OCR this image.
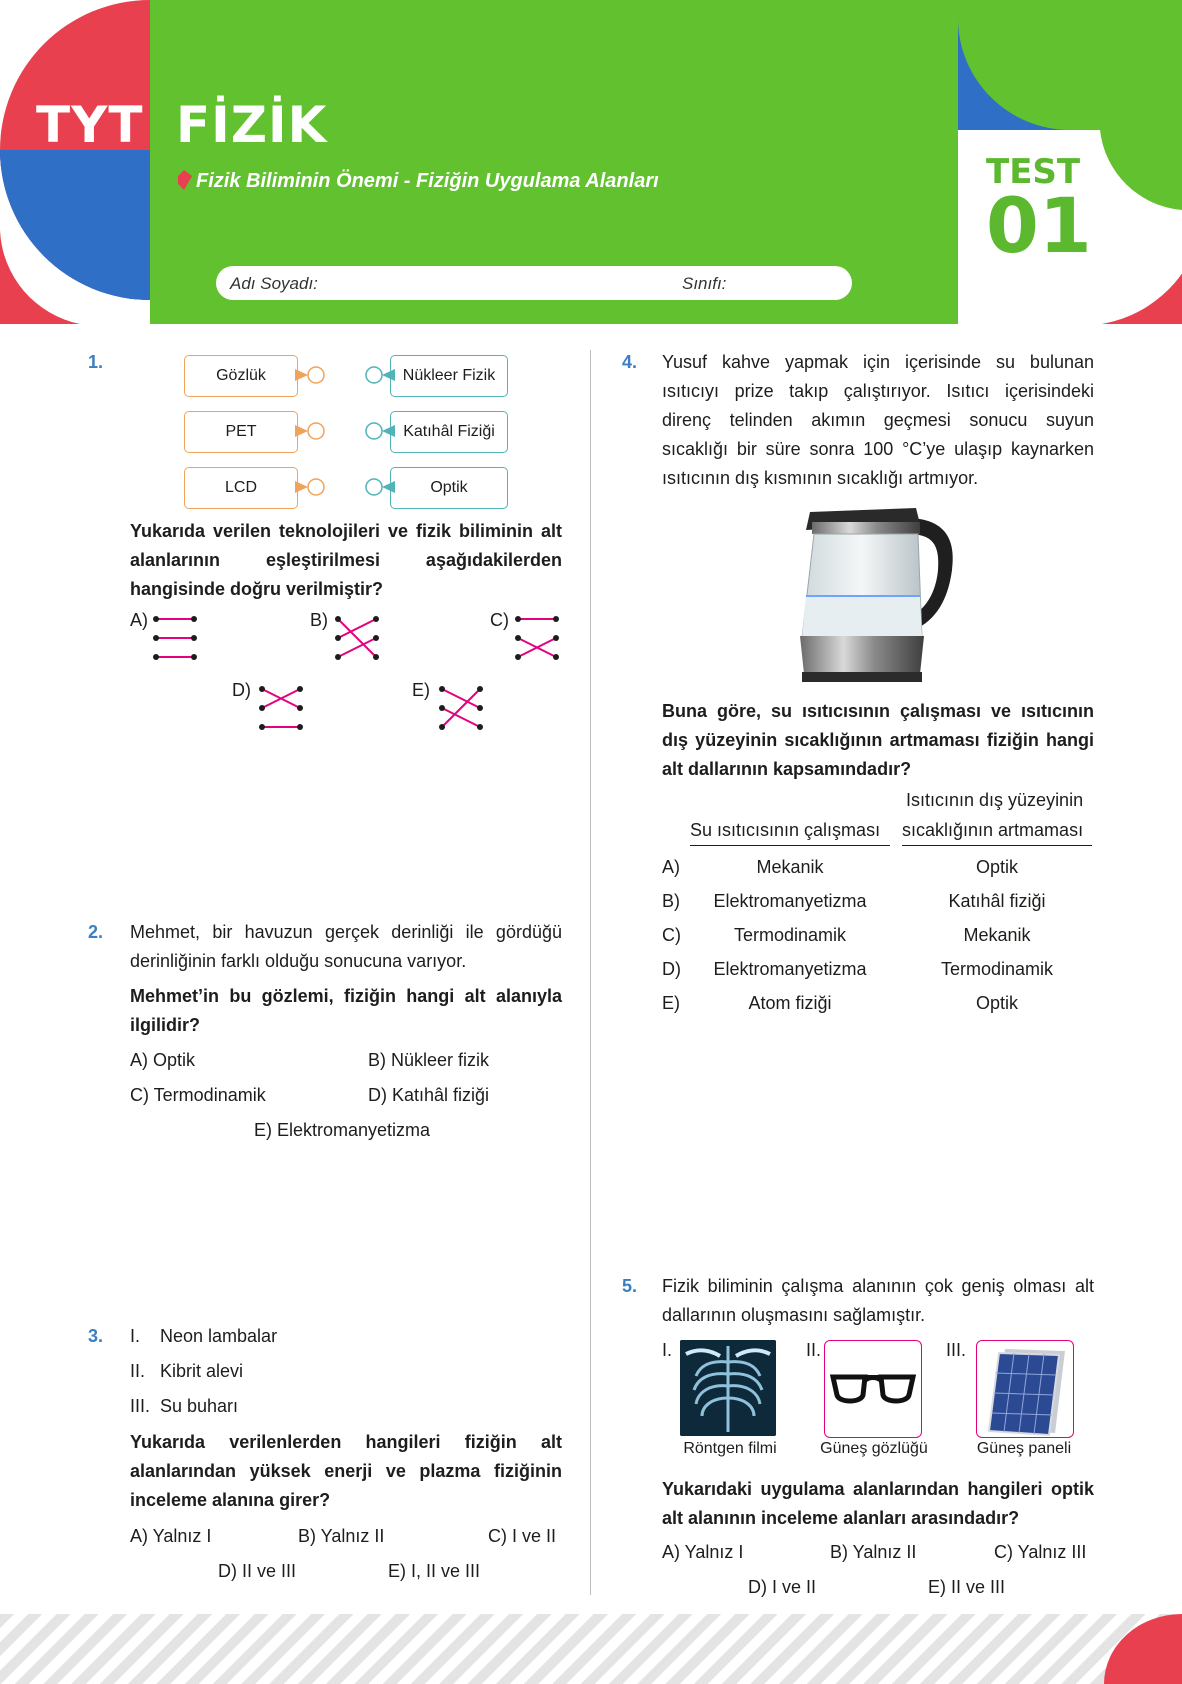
TYT FİZİK
Fizik Biliminin Önemi - Fiziğin Uygulama Alanları	TEST
01
Adı Soyadı:	Sınıfı:
1.
Gözlük
PET
LCD
Nükleer Fizik
Katıhâl Fiziği
Optik
Yukarıda verilen teknolojileri ve fizik biliminin alt alanlarının eşleştirilmesi aşağıdakilerden hangisinde doğru verilmiştir?
A)	B)	C)
D)	E)
2. Mehmet, bir havuzun gerçek derinliği ile gördüğü derinliğinin farklı olduğu sonucuna varıyor.
Mehmet’in bu gözlemi, fiziğin hangi alt alanıyla ilgilidir?
A) Optik	B) Nükleer fizik
C) Termodinamik	D) Katıhâl fiziği
E) Elektromanyetizma
3. I. Neon lambalar
II. Kibrit alevi
III. Su buharı
Yukarıda verilenlerden hangileri fiziğin alt alanlarından yüksek enerji ve plazma fiziğinin inceleme alanına girer?
A) Yalnız I	B) Yalnız II	C) I ve II
D) II ve III	E) I, II ve III
4. Yusuf kahve yapmak için içerisinde su bulunan ısıtıcıyı prize takıp çalıştırıyor. Isıtıcı içerisindeki direnç telinden akımın geçmesi sonucu suyun sıcaklığı bir süre sonra 100 °C’ye ulaşıp kaynarken ısıtıcının dış kısmının sıcaklığı artmıyor.
Buna göre, su ısıtıcısının çalışması ve ısıtıcının dış yüzeyinin sıcaklığının artmaması fiziğin hangi alt dallarının kapsamındadır?
Isıtıcının dış yüzeyinin
Su ısıtıcısının çalışması	sıcaklığının artmaması
A)	Mekanik	Optik
B)	Elektromanyetizma	Katıhâl fiziği
C)	Termodinamik	Mekanik
D)	Elektromanyetizma	Termodinamik
E)	Atom fiziği	Optik
5. Fizik biliminin çalışma alanının çok geniş olması alt dallarının oluşmasını sağlamıştır.
I.	II.	III.
Röntgen filmi	Güneş gözlüğü	Güneş paneli
Yukarıdaki uygulama alanlarından hangileri optik alt alanının inceleme alanları arasındadır?
A) Yalnız I	B) Yalnız II	C) Yalnız III
D) I ve II	E) II ve III
